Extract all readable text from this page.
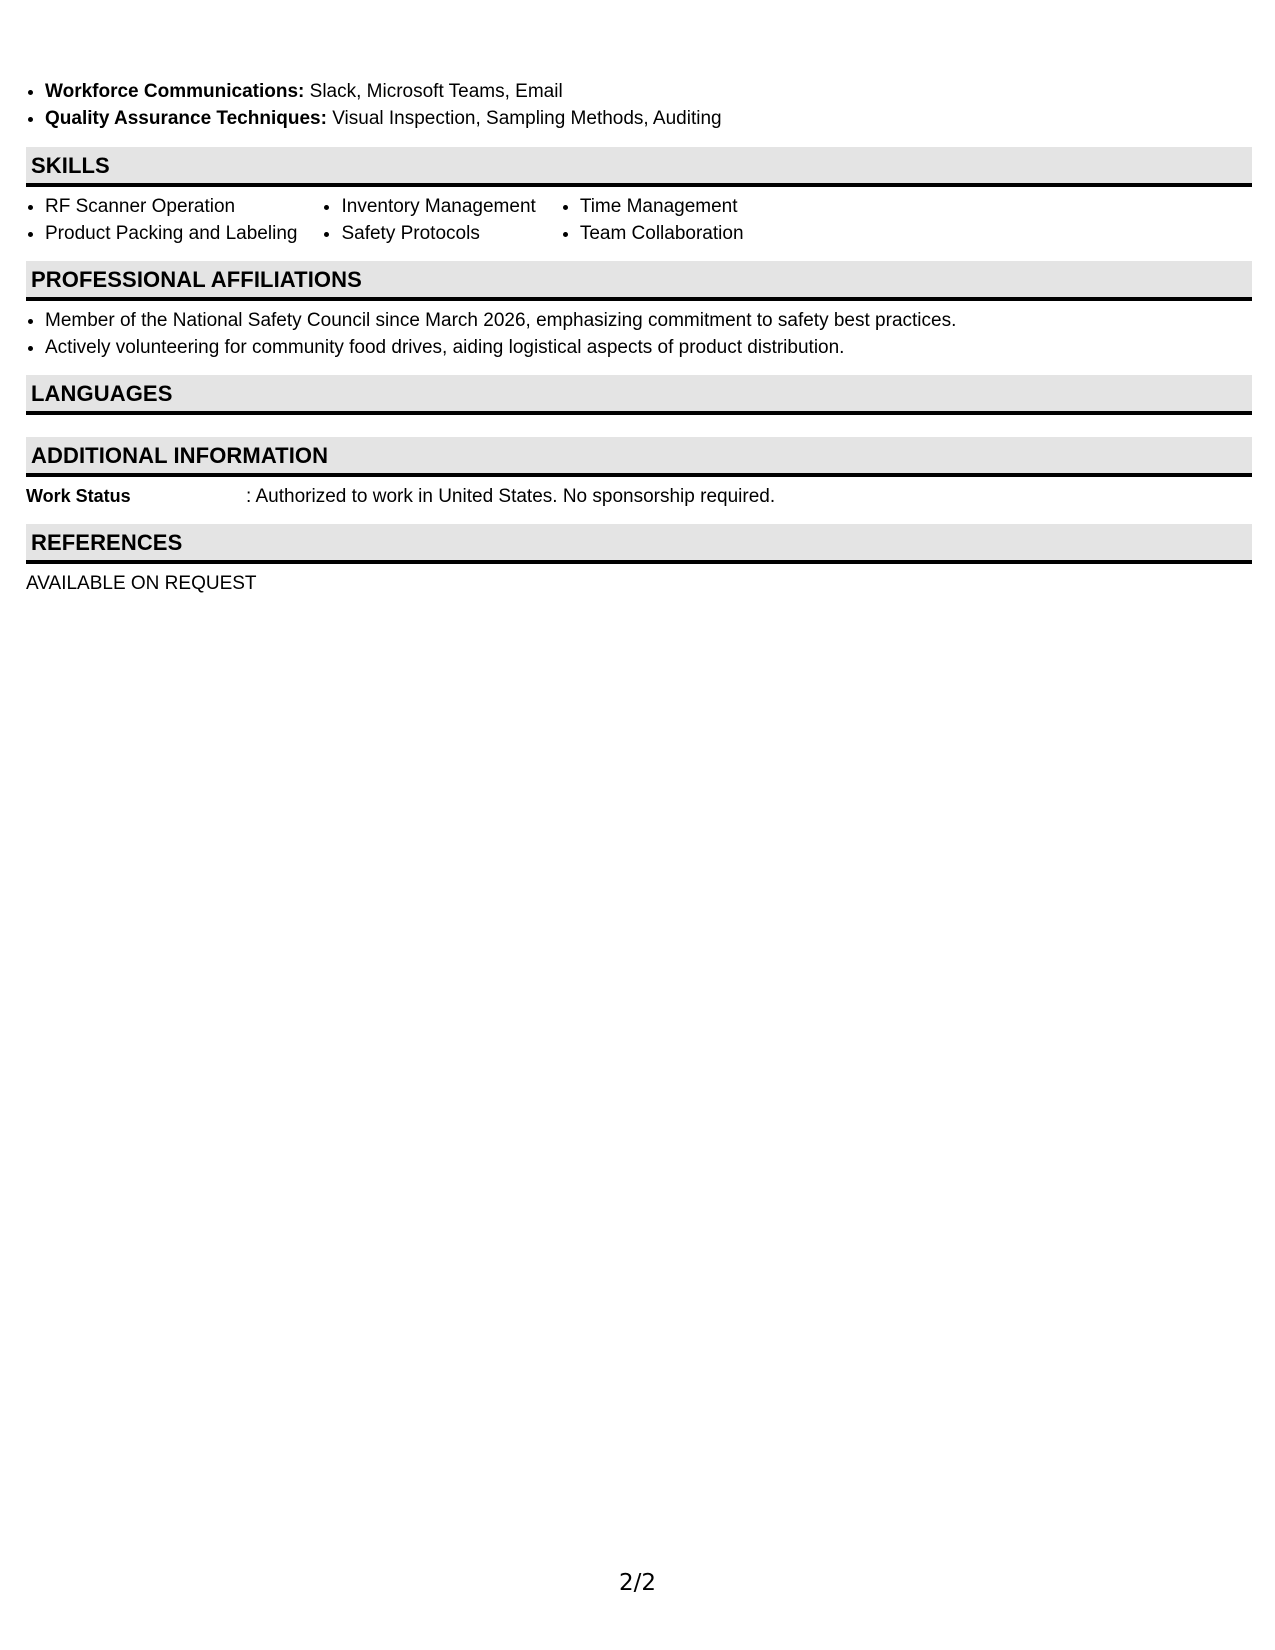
• Workforce Communications: Slack, Microsoft Teams, Email
• Quality Assurance Techniques: Visual Inspection, Sampling Methods, Auditing
SKILLS
• RF Scanner Operation
• Product Packing and Labeling
• Inventory Management
• Safety Protocols
• Time Management
• Team Collaboration
PROFESSIONAL AFFILIATIONS
• Member of the National Safety Council since March 2026, emphasizing commitment to safety best practices.
• Actively volunteering for community food drives, aiding logistical aspects of product distribution.
LANGUAGES
ADDITIONAL INFORMATION
Work Status	: Authorized to work in United States. No sponsorship required.
REFERENCES
AVAILABLE ON REQUEST
2/2
